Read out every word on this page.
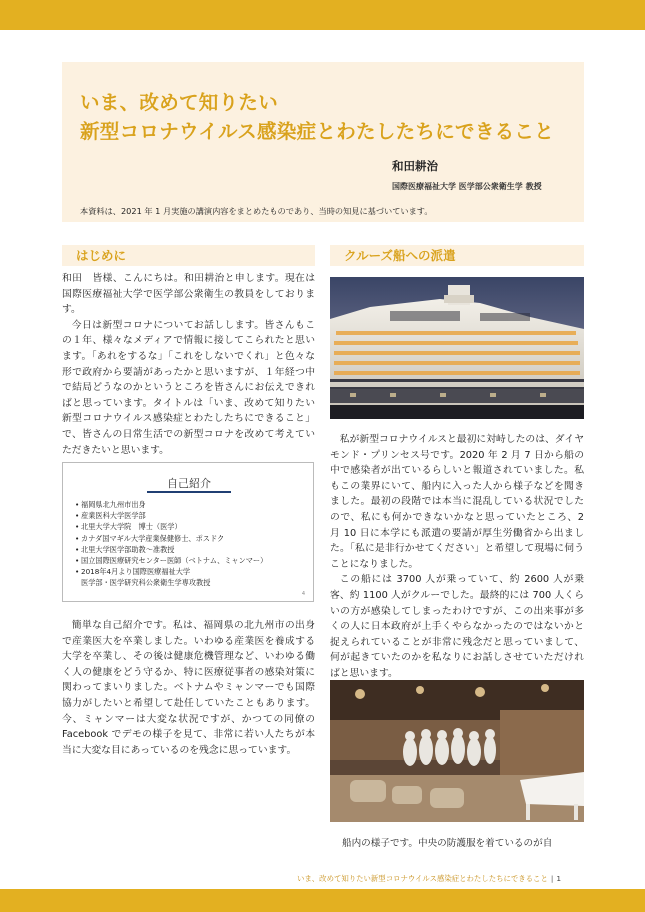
いま、改めて知りたい
新型コロナウイルス感染症とわたしたちにできること
和田耕治
国際医療福祉大学 医学部公衆衛生学 教授
本資料は、2021 年 1 月実施の講演内容をまとめたものであり、当時の知見に基づいています。
はじめに	クルーズ船への派遣
和田　皆様、こんにちは。和田耕治と申します。現在は国際医療福祉大学で医学部公衆衛生の教員をしております。
今日は新型コロナについてお話しします。皆さんもこの１年、様々なメディアで情報に接してこられたと思います。「あれをするな」「これをしないでくれ」と色々な形で政府から要請があったかと思いますが、１年経つ中で結局どうなのかというところを皆さんにお伝えできればと思っています。タイトルは「いま、改めて知りたい新型コロナウイルス感染症とわたしたちにできること」で、皆さんの日常生活での新型コロナを改めて考えていただきたいと思います。
自己紹介
• 福岡県北九州市出身
• 産業医科大学医学部
• 北里大学大学院　博士（医学）
• カナダ国マギル大学産業保健修士、ポスドク
• 北里大学医学部助教～准教授
• 国立国際医療研究センター医師（ベトナム、ミャンマー）
• 2018年4月より国際医療福祉大学
医学部・医学研究科公衆衛生学専攻教授
4
簡単な自己紹介です。私は、福岡県の北九州市の出身で産業医大を卒業しました。いわゆる産業医を養成する大学を卒業し、その後は健康危機管理など、いわゆる働く人の健康をどう守るか、特に医療従事者の感染対策に関わってまいりました。ベトナムやミャンマーでも国際協力がしたいと希望して赴任していたこともあります。今、ミャンマーは大変な状況ですが、かつての同僚の Facebook でデモの様子を見て、非常に若い人たちが本当に大変な目にあっているのを残念に思っています。
私が新型コロナウイルスと最初に対峙したのは、ダイヤモンド・プリンセス号です。2020 年 2 月 7 日から船の中で感染者が出ているらしいと報道されていました。私もこの業界にいて、船内に入った人から様子などを聞きました。最初の段階では本当に混乱している状況でしたので、私にも何かできないかなと思っていたところ、2 月 10 日に本学にも派遣の要請が厚生労働省から出ました。「私に是非行かせてください」と希望して現場に伺うことになりました。
この船には 3700 人が乗っていて、約 2600 人が乗客、約 1100 人がクルーでした。最終的には 700 人くらいの方が感染してしまったわけですが、この出来事が多くの人に日本政府が上手くやらなかったのではないかと捉えられていることが非常に残念だと思っていまして、何が起きていたのかを私なりにお話しさせていただければと思います。
船内の様子です。中央の防護服を着ているのが自
いま、改めて知りたい新型コロナウイルス感染症とわたしたちにできること | 1
